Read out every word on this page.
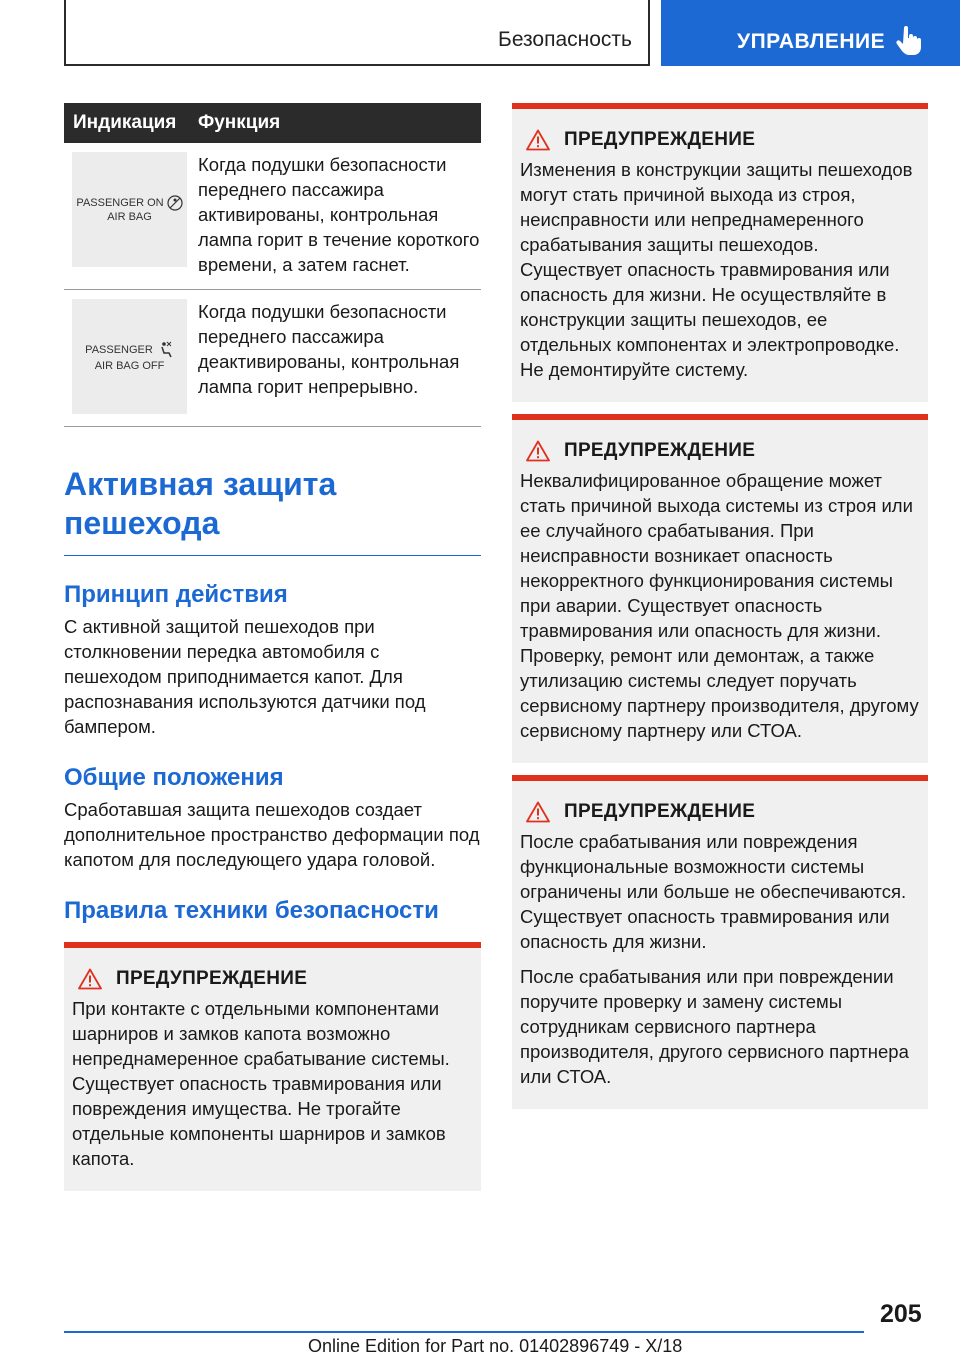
Безопасность	УПРАВЛЕНИЕ
Индикация	Функция
PASSENGER ON
AIR BAG
Когда подушки безопасности переднего пассажира активированы, контрольная лампа горит в течение короткого времени, а затем гаснет.
PASSENGER
AIR BAG OFF
Когда подушки безопасности переднего пассажира деактивированы, контрольная лампа горит непрерывно.
Активная защита пешехода
Принцип действия
С активной защитой пешеходов при столкновении передка автомобиля с пешеходом приподнимается капот. Для распознавания используются датчики под бампером.
Общие положения
Сработавшая защита пешеходов создает дополнительное пространство деформации под капотом для последующего удара головой.
Правила техники безопасности
ПРЕДУПРЕЖДЕНИЕ
При контакте с отдельными компонентами шарниров и замков капота возможно непреднамеренное срабатывание системы. Существует опасность травмирования или повреждения имущества. Не трогайте отдельные компоненты шарниров и замков капота.
ПРЕДУПРЕЖДЕНИЕ
Изменения в конструкции защиты пешеходов могут стать причиной выхода из строя, неисправности или непреднамеренного срабатывания защиты пешеходов. Существует опасность травмирования или опасность для жизни. Не осуществляйте в конструкции защиты пешеходов, ее отдельных компонентах и электропроводке. Не демонтируйте систему.
ПРЕДУПРЕЖДЕНИЕ
Неквалифицированное обращение может стать причиной выхода системы из строя или ее случайного срабатывания. При неисправности возникает опасность некорректного функционирования системы при аварии. Существует опасность травмирования или опасность для жизни. Проверку, ремонт или демонтаж, а также утилизацию системы следует поручать сервисному партнеру производителя, другому сервисному партнеру или СТОА.
ПРЕДУПРЕЖДЕНИЕ
После срабатывания или повреждения функциональные возможности системы ограничены или больше не обеспечиваются. Существует опасность травмирования или опасность для жизни.
После срабатывания или при повреждении поручите проверку и замену системы сотрудникам сервисного партнера производителя, другого сервисного партнера или СТОА.
205
Online Edition for Part no. 01402896749 - X/18
